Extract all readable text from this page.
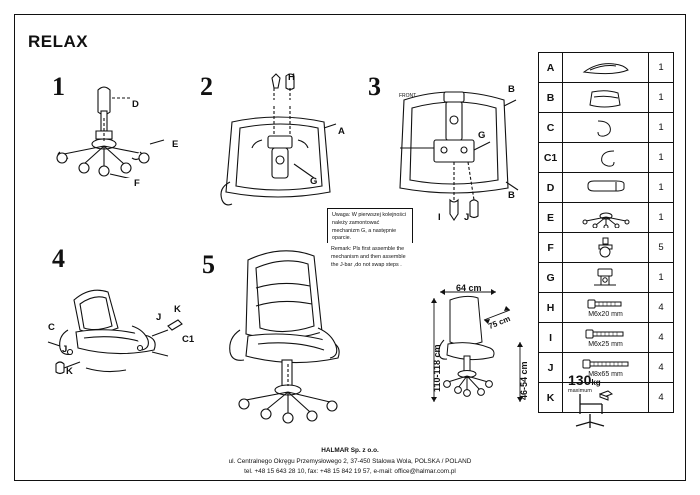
RELAX
1
D
E
F
2	H
A
G
3	FRONT
B
G
B
I J
Uwaga: W pierwszej kolejności należy zamontować mechanizm G, a następnie oparcie.
Remark: Pls first assemble the mechanism and then assemble the J-bar ,do not swap steps .
4
C
J
K
J
K
C1
5
64 cm
110-118 cm	46-54 cm
75 cm
130 kg
maximum
A		1
B		1
C		1
C1		1
D		1
E		1
F		5
G		1
H	M6x20 mm	4
I	M6x25 mm	4
J	M8x65 mm	4
K		4
HALMAR Sp. z o.o.
ul. Centralnego Okręgu Przemysłowego 2, 37-450 Stalowa Wola, POLSKA / POLAND
tel. +48 15 643 28 10, fax: +48 15 842 19 57, e-mail: office@halmar.com.pl
